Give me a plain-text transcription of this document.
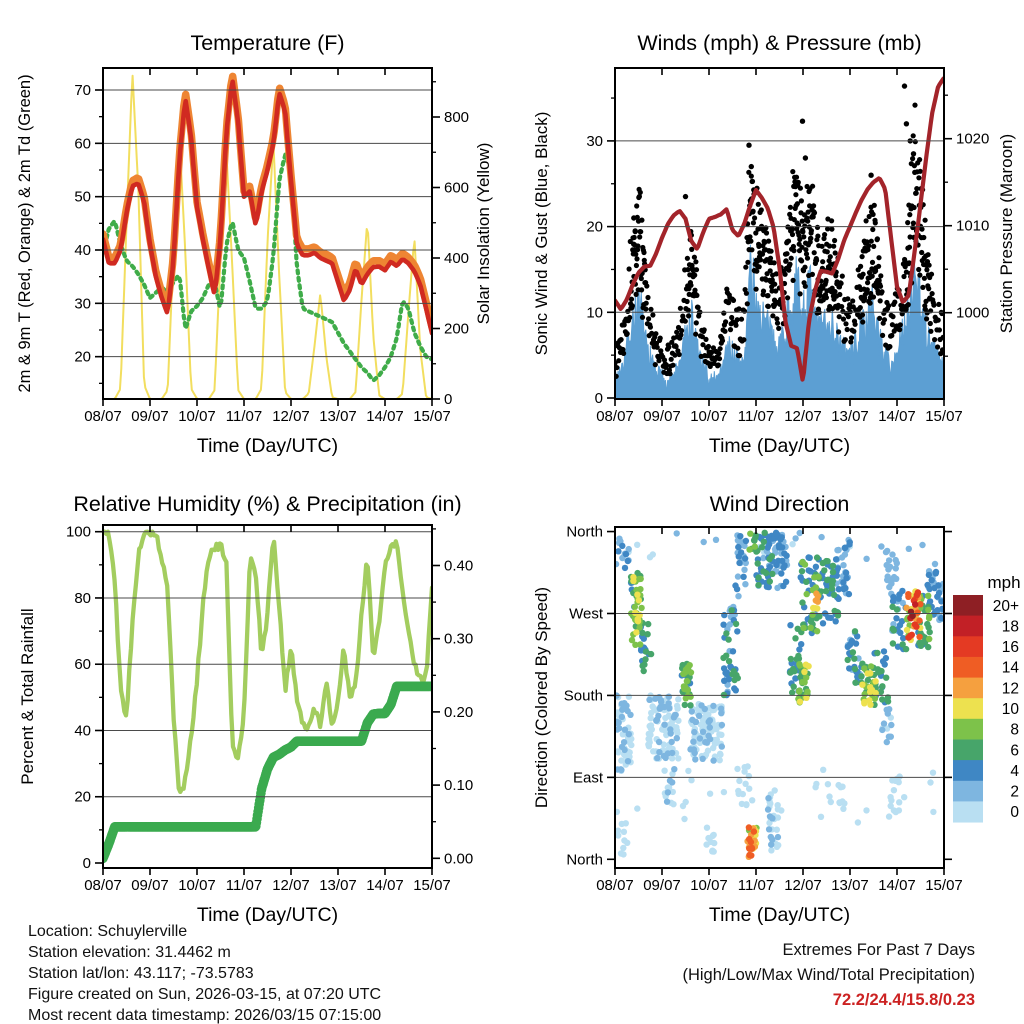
08/07 09/07 10/07 11/07 12/07 13/07 14/07 15/07
20
30
40
50
60
70
0
200
400
600
800
Time (Day/UTC)
Temperature (F)
2m & 9m T (Red, Orange) & 2m Td (Green)	Solar Insolation (Yellow)
08/07 09/07 10/07 11/07 12/07 13/07 14/07 15/07
0
10
20
30
1000
1010
1020
Time (Day/UTC)
Winds (mph) & Pressure (mb)
Sonic Wind & Gust (Blue, Black)	Station Pressure (Maroon)
08/07 09/07 10/07 11/07 12/07 13/07 14/07 15/07
0
20
40
60
80
100
0.00
0.10
0.20
0.30
0.40
Time (Day/UTC)
Relative Humidity (%) & Precipitation (in)
Percent & Total Rainfall
08/07 09/07 10/07 11/07 12/07 13/07 14/07 15/07
North
West
South
East
North
Time (Day/UTC)
Wind Direction
Direction (Colored By Speed)
mph
20+
18
16
14
12
10
8
6
4
2
0
Location: Schuylerville
Station elevation: 31.4462 m
Station lat/lon: 43.117; -73.5783
Figure created on Sun, 2026-03-15, at 07:20 UTC
Most recent data timestamp: 2026/03/15 07:15:00
Extremes For Past 7 Days
(High/Low/Max Wind/Total Precipitation)
72.2/24.4/15.8/0.23
